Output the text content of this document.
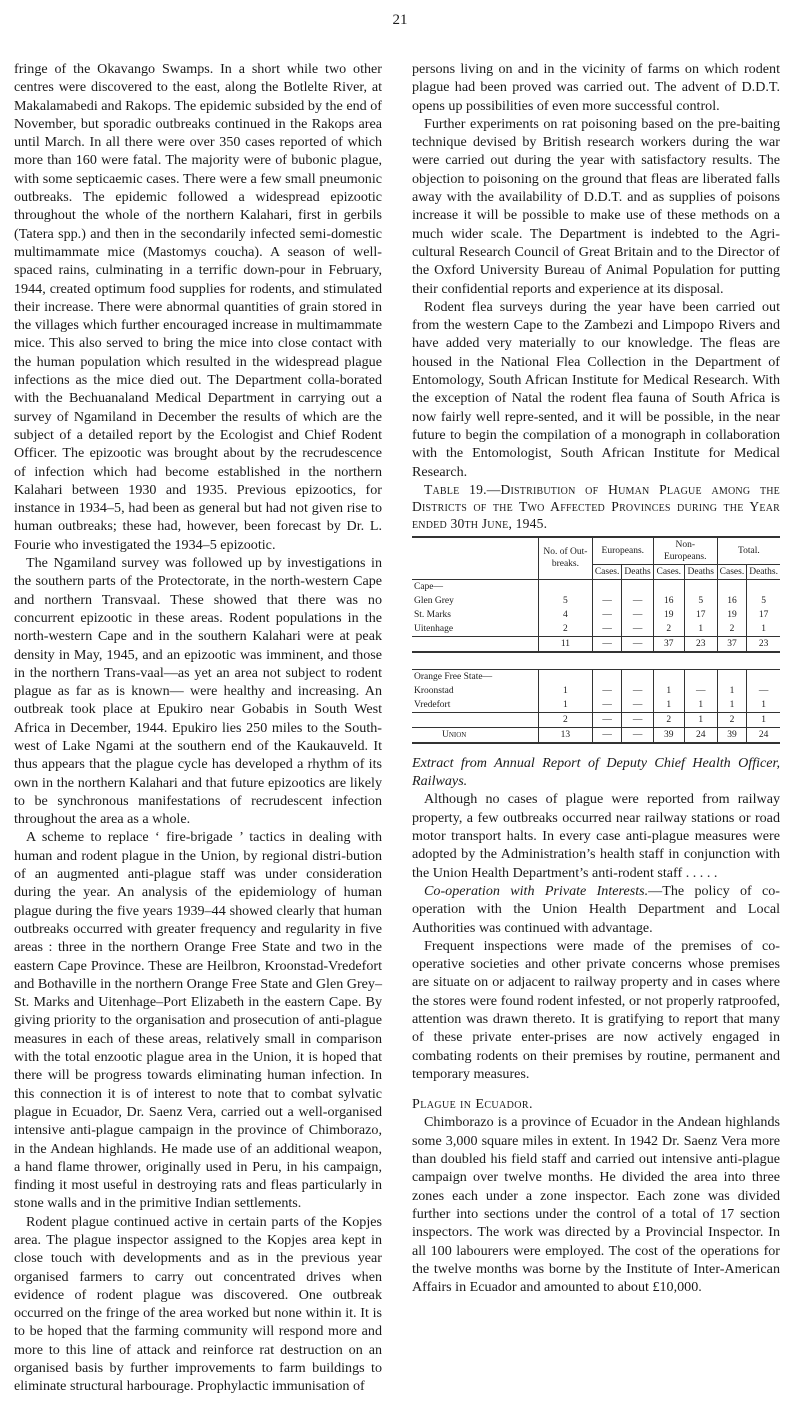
21

fringe of the Okavango Swamps. In a short while two other centres were discovered to the east, along the Botlelte River, at Makalamabedi and Rakops. The epidemic subsided by the end of November, but sporadic outbreaks continued in the Rakops area until March. In all there were over 350 cases reported of which more than 160 were fatal. The majority were of bubonic plague, with some septicaemic cases. There were a few small pneumonic outbreaks. The epidemic followed a widespread epizootic throughout the whole of the northern Kalahari, first in gerbils (Tatera spp.) and then in the secondarily infected semi-domestic multimammate mice (Mastomys coucha). A season of well-spaced rains, culminating in a terrific down-pour in February, 1944, created optimum food supplies for rodents, and stimulated their increase. There were abnormal quantities of grain stored in the villages which further encouraged increase in multimammate mice. This also served to bring the mice into close contact with the human population which resulted in the widespread plague infections as the mice died out. The Department colla-borated with the Bechuanaland Medical Department in carrying out a survey of Ngamiland in December the results of which are the subject of a detailed report by the Ecologist and Chief Rodent Officer. The epizootic was brought about by the recrudescence of infection which had become established in the northern Kalahari between 1930 and 1935. Previous epizootics, for instance in 1934–5, had been as general but had not given rise to human outbreaks; these had, however, been forecast by Dr. L. Fourie who investigated the 1934–5 epizootic.

The Ngamiland survey was followed up by investigations in the southern parts of the Protectorate, in the north-western Cape and northern Transvaal. These showed that there was no concurrent epizootic in these areas. Rodent populations in the north-western Cape and in the southern Kalahari were at peak density in May, 1945, and an epizootic was imminent, and those in the northern Trans-vaal—as yet an area not subject to rodent plague as far as is known— were healthy and increasing. An outbreak took place at Epukiro near Gobabis in South West Africa in December, 1944. Epukiro lies 250 miles to the South-west of Lake Ngami at the southern end of the Kaukauveld. It thus appears that the plague cycle has developed a rhythm of its own in the northern Kalahari and that future epizootics are likely to be synchronous manifestations of recrudescent infection throughout the area as a whole.

A scheme to replace ‘ fire-brigade ’ tactics in dealing with human and rodent plague in the Union, by regional distri-bution of an augmented anti-plague staff was under consideration during the year. An analysis of the epidemiology of human plague during the five years 1939–44 showed clearly that human outbreaks occurred with greater frequency and regularity in five areas : three in the northern Orange Free State and two in the eastern Cape Province. These are Heilbron, Kroonstad-Vredefort and Bothaville in the northern Orange Free State and Glen Grey–St. Marks and Uitenhage–Port Elizabeth in the eastern Cape. By giving priority to the organisation and prosecution of anti-plague measures in each of these areas, relatively small in comparison with the total enzootic plague area in the Union, it is hoped that there will be progress towards eliminating human infection. In this connection it is of interest to note that to combat sylvatic plague in Ecuador, Dr. Saenz Vera, carried out a well-organised intensive anti-plague campaign in the province of Chimborazo, in the Andean highlands. He made use of an additional weapon, a hand flame thrower, originally used in Peru, in his campaign, finding it most useful in destroying rats and fleas particularly in stone walls and in the primitive Indian settlements.

Rodent plague continued active in certain parts of the Kopjes area. The plague inspector assigned to the Kopjes area kept in close touch with developments and as in the previous year organised farmers to carry out concentrated drives when evidence of rodent plague was discovered. One outbreak occurred on the fringe of the area worked but none within it. It is to be hoped that the farming community will respond more and more to this line of attack and reinforce rat destruction on an organised basis by further improvements to farm buildings to eliminate structural harbourage. Prophylactic immunisation of

persons living on and in the vicinity of farms on which rodent plague had been proved was carried out. The advent of D.D.T. opens up possibilities of even more successful control.

Further experiments on rat poisoning based on the pre-baiting technique devised by British research workers during the war were carried out during the year with satisfactory results. The objection to poisoning on the ground that fleas are liberated falls away with the availability of D.D.T. and as supplies of poisons increase it will be possible to make use of these methods on a much wider scale. The Department is indebted to the Agri-cultural Research Council of Great Britain and to the Director of the Oxford University Bureau of Animal Population for putting their confidential reports and experience at its disposal.

Rodent flea surveys during the year have been carried out from the western Cape to the Zambezi and Limpopo Rivers and have added very materially to our knowledge. The fleas are housed in the National Flea Collection in the Department of Entomology, South African Institute for Medical Research. With the exception of Natal the rodent flea fauna of South Africa is now fairly well repre-sented, and it will be possible, in the near future to begin the compilation of a monograph in collaboration with the Entomologist, South African Institute for Medical Research.

Table 19.—Distribution of Human Plague among the Districts of the Two Affected Provinces during the Year ended 30th June, 1945.

	No. of Out-breaks.	Europeans.		Non-Europeans.		Total.	
		Cases.	Deaths	Cases.	Deaths	Cases.	Deaths.
Cape—							
Glen Grey	5	—	—	16	5	16	5
St. Marks	4	—	—	19	17	19	17
Uitenhage	2	—	—	2	1	2	1
	11	—	—	37	23	37	23

Orange Free State—							
Kroonstad	1	—	—	1	—	1	—
Vredefort	1	—	—	1	1	1	1
	2	—	—	2	1	2	1
Union	13	—	—	39	24	39	24

Extract from Annual Report of Deputy Chief Health Officer, Railways.

Although no cases of plague were reported from railway property, a few outbreaks occurred near railway stations or road motor transport halts. In every case anti-plague measures were adopted by the Administration’s health staff in conjunction with the Union Health Department’s anti-rodent staff . . . . .

Co-operation with Private Interests.—The policy of co-operation with the Union Health Department and Local Authorities was continued with advantage.

Frequent inspections were made of the premises of co-operative societies and other private concerns whose premises are situate on or adjacent to railway property and in cases where the stores were found rodent infested, or not properly ratproofed, attention was drawn thereto. It is gratifying to report that many of these private enter-prises are now actively engaged in combating rodents on their premises by routine, permanent and temporary measures.

Plague in Ecuador.

Chimborazo is a province of Ecuador in the Andean highlands some 3,000 square miles in extent. In 1942 Dr. Saenz Vera more than doubled his field staff and carried out intensive anti-plague campaign over twelve months. He divided the area into three zones each under a zone inspector. Each zone was divided further into sections under the control of a total of 17 section inspectors. The work was directed by a Provincial Inspector. In all 100 labourers were employed. The cost of the operations for the twelve months was borne by the Institute of Inter-American Affairs in Ecuador and amounted to about £10,000.
